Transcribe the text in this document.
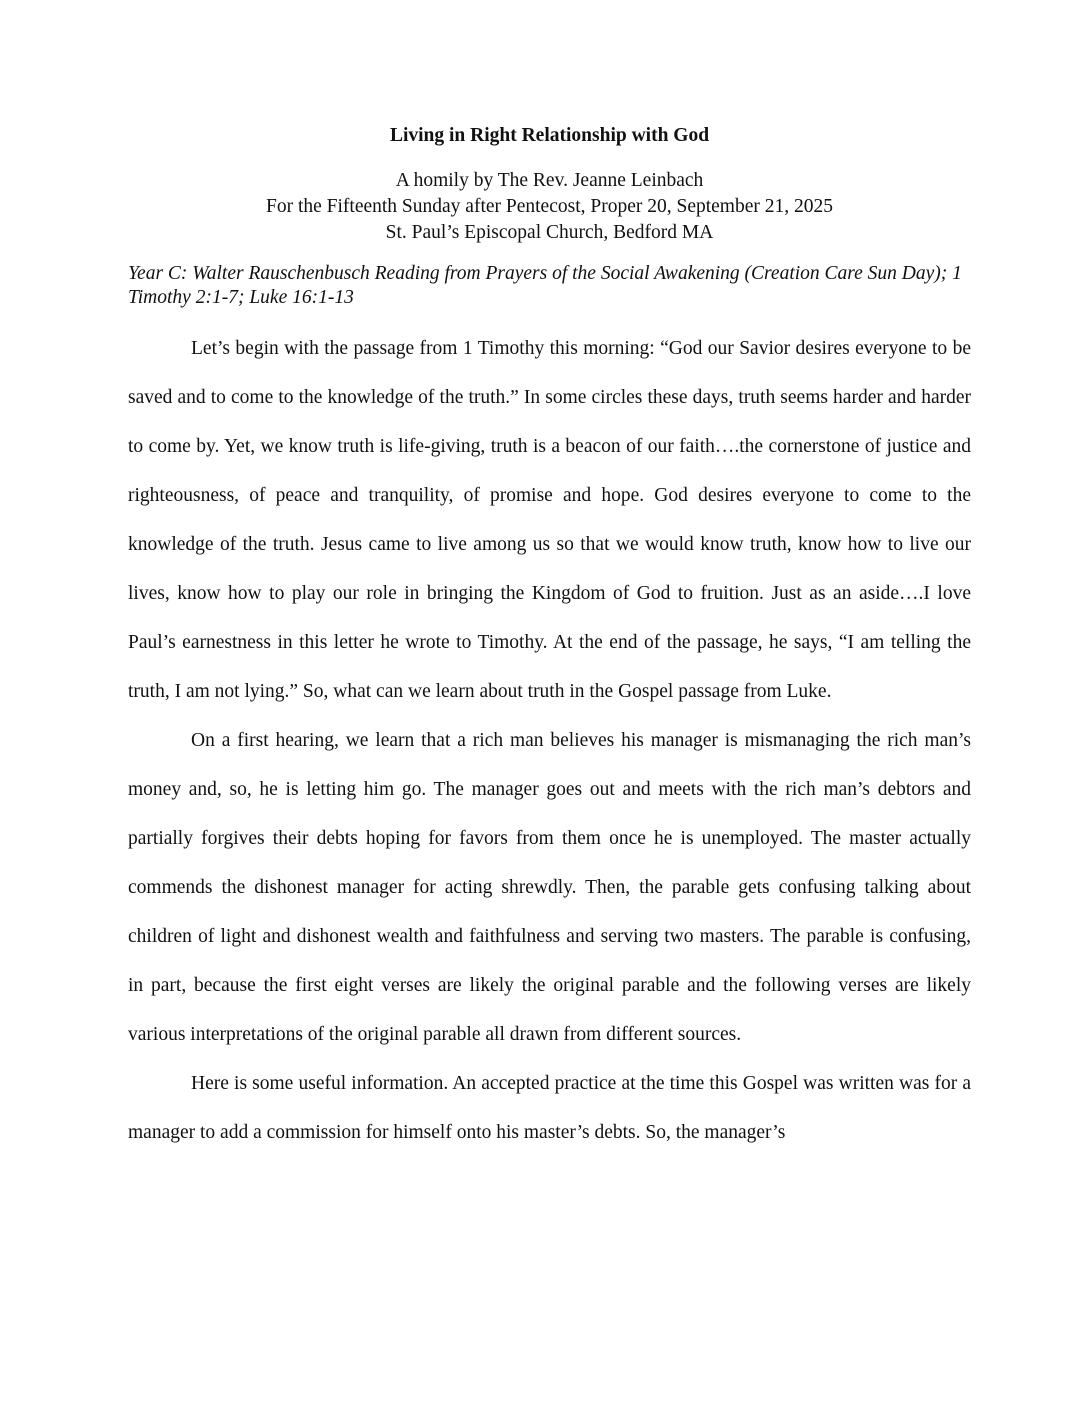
Living in Right Relationship with God
A homily by The Rev. Jeanne Leinbach
For the Fifteenth Sunday after Pentecost, Proper 20, September 21, 2025
St. Paul’s Episcopal Church, Bedford MA

Year C: Walter Rauschenbusch Reading from Prayers of the Social Awakening (Creation Care Sun Day); 1 Timothy 2:1-7; Luke 16:1-13

Let’s begin with the passage from 1 Timothy this morning: “God our Savior desires everyone to be saved and to come to the knowledge of the truth.” In some circles these days, truth seems harder and harder to come by. Yet, we know truth is life-giving, truth is a beacon of our faith….the cornerstone of justice and righteousness, of peace and tranquility, of promise and hope. God desires everyone to come to the knowledge of the truth. Jesus came to live among us so that we would know truth, know how to live our lives, know how to play our role in bringing the Kingdom of God to fruition. Just as an aside….I love Paul’s earnestness in this letter he wrote to Timothy. At the end of the passage, he says, “I am telling the truth, I am not lying.” So, what can we learn about truth in the Gospel passage from Luke.

On a first hearing, we learn that a rich man believes his manager is mismanaging the rich man’s money and, so, he is letting him go. The manager goes out and meets with the rich man’s debtors and partially forgives their debts hoping for favors from them once he is unemployed. The master actually commends the dishonest manager for acting shrewdly. Then, the parable gets confusing talking about children of light and dishonest wealth and faithfulness and serving two masters. The parable is confusing, in part, because the first eight verses are likely the original parable and the following verses are likely various interpretations of the original parable all drawn from different sources.

Here is some useful information. An accepted practice at the time this Gospel was written was for a manager to add a commission for himself onto his master’s debts. So, the manager’s
